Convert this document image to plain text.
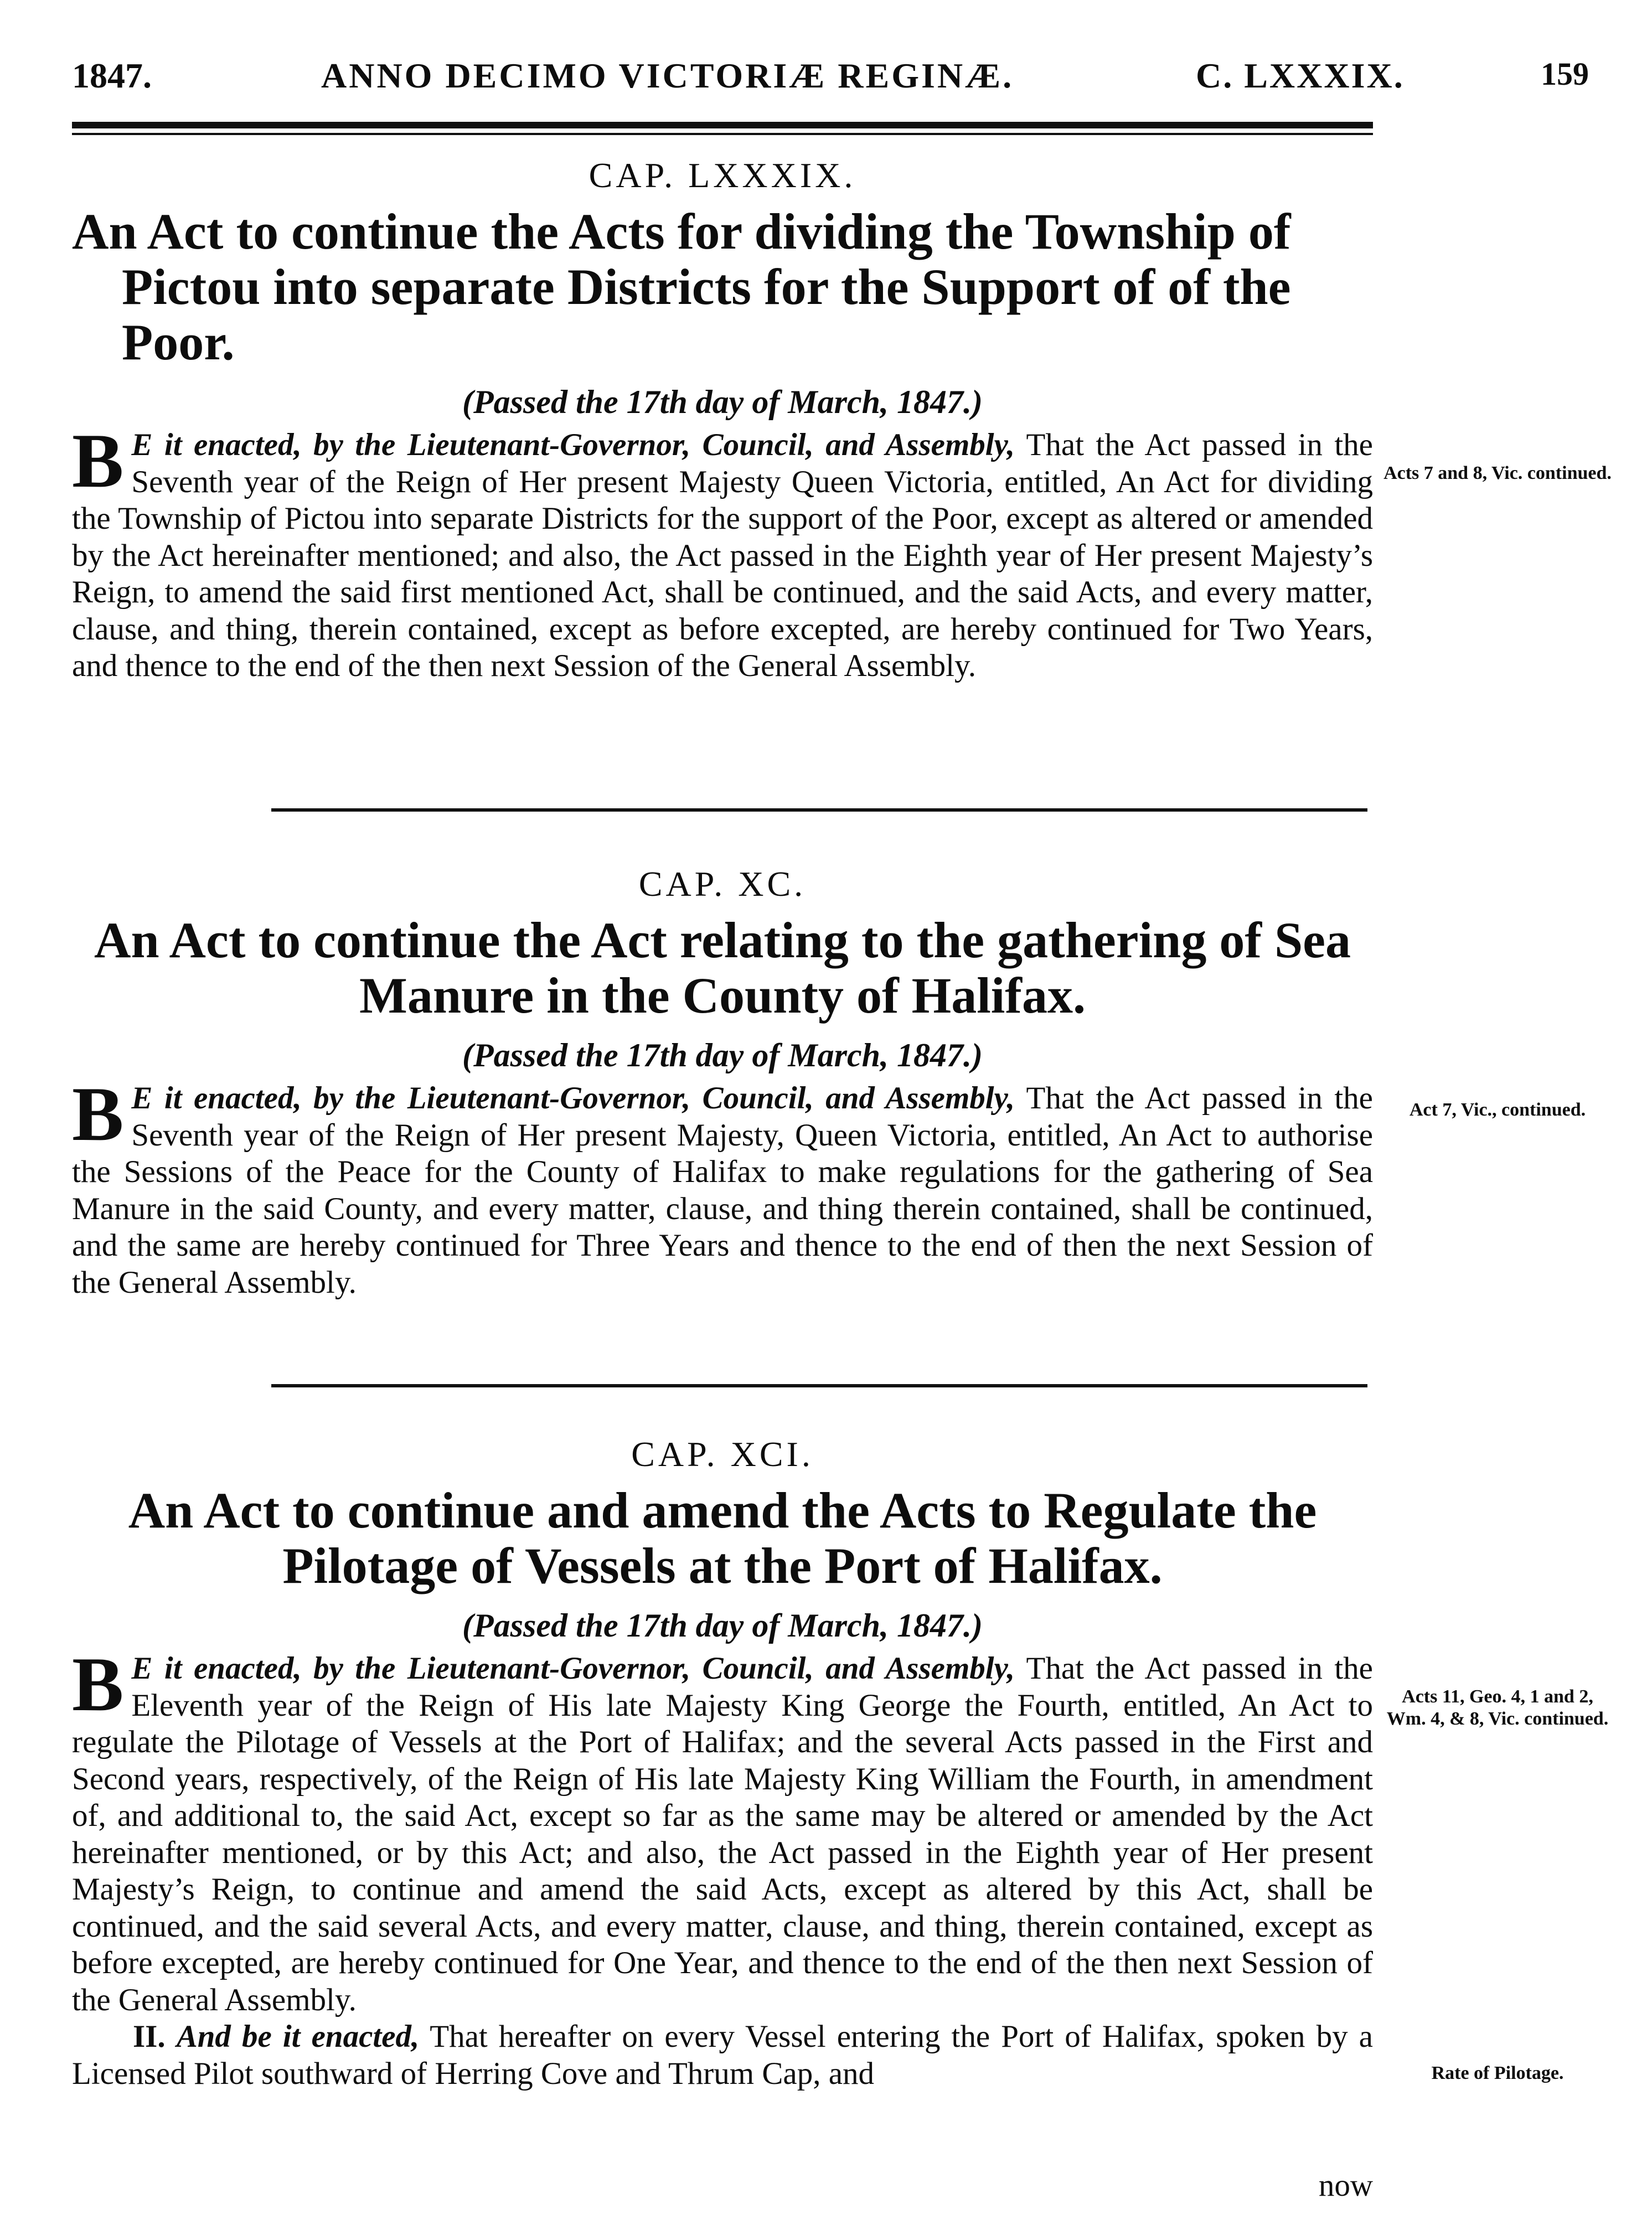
1847.	ANNO DECIMO VICTORIÆ REGINÆ.	C. LXXXIX.	159
CAP. LXXXIX.
An Act to continue the Acts for dividing the Township of Pictou into separate Districts for the Support of of the Poor.
(Passed the 17th day of March, 1847.)

B E it enacted, by the Lieutenant-Governor, Council, and Assembly, That the Act passed in the Seventh year of the Reign of Her present Majesty Queen Victoria, entitled, An Act for dividing the Township of Pictou into separate Districts for the support of the Poor, except as altered or amended by the Act hereinafter mentioned; and also, the Act passed in the Eighth year of Her present Majesty’s Reign, to amend the said first mentioned Act, shall be continued, and the said Acts, and every matter, clause, and thing, therein contained, except as before excepted, are hereby continued for Two Years, and thence to the end of the then next Session of the General Assembly.

Acts 7 and 8, Vic. continued.
CAP. XC.
An Act to continue the Act relating to the gathering of Sea Manure in the County of Halifax.
(Passed the 17th day of March, 1847.)

B E it enacted, by the Lieutenant-Governor, Council, and Assembly, That the Act passed in the Seventh year of the Reign of Her present Majesty, Queen Victoria, entitled, An Act to authorise the Sessions of the Peace for the County of Halifax to make regulations for the gathering of Sea Manure in the said County, and every matter, clause, and thing therein contained, shall be continued, and the same are hereby continued for Three Years and thence to the end of then the next Session of the General Assembly.

Act 7, Vic., continued.
CAP. XCI.
An Act to continue and amend the Acts to Regulate the Pilotage of Vessels at the Port of Halifax.
(Passed the 17th day of March, 1847.)

B E it enacted, by the Lieutenant-Governor, Council, and Assembly, That the Act passed in the Eleventh year of the Reign of His late Majesty King George the Fourth, entitled, An Act to regulate the Pilotage of Vessels at the Port of Halifax; and the several Acts passed in the First and Second years, respectively, of the Reign of His late Majesty King William the Fourth, in amendment of, and additional to, the said Act, except so far as the same may be altered or amended by the Act hereinafter mentioned, or by this Act; and also, the Act passed in the Eighth year of Her present Majesty’s Reign, to continue and amend the said Acts, except as altered by this Act, shall be continued, and the said several Acts, and every matter, clause, and thing, therein contained, except as before excepted, are hereby continued for One Year, and thence to the end of the then next Session of the General Assembly.

II. And be it enacted, That hereafter on every Vessel entering the Port of Halifax, spoken by a Licensed Pilot southward of Herring Cove and Thrum Cap, and

Acts 11, Geo. 4, 1 and 2, Wm. 4, & 8, Vic. continued.
Rate of Pilotage.
now
